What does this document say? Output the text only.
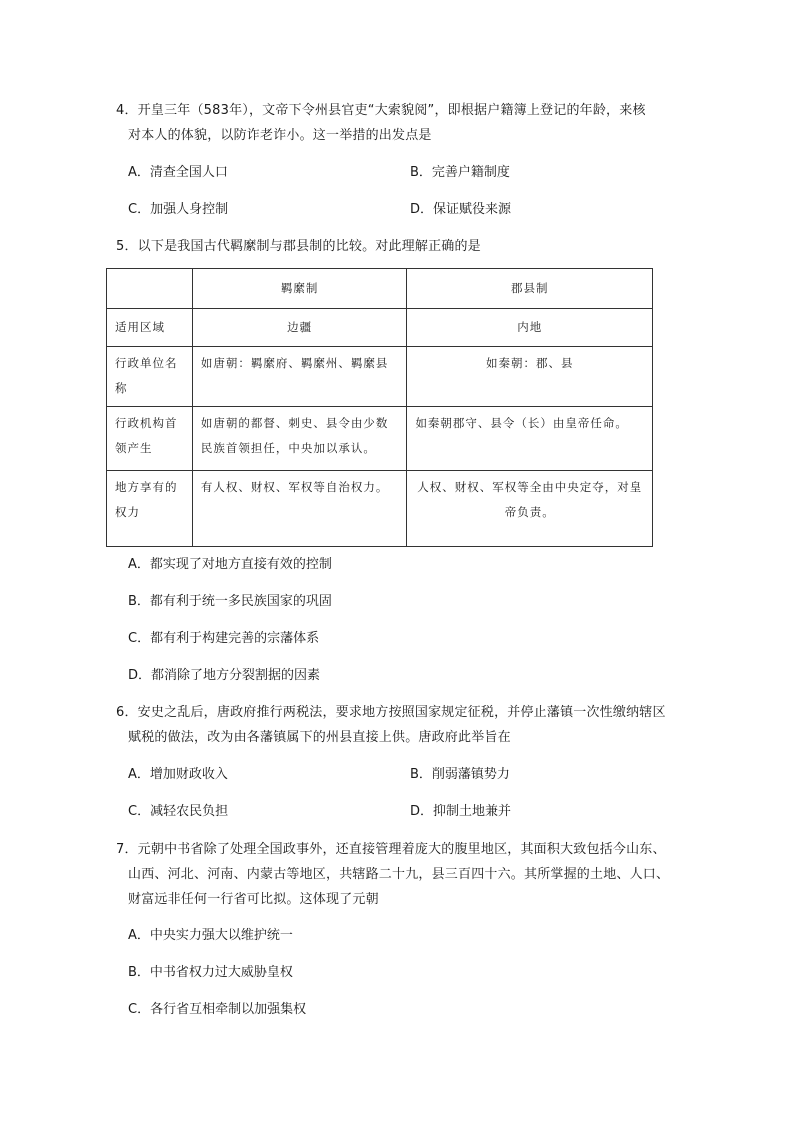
4．开皇三年（583年），文帝下令州县官吏“大索貌阅”，即根据户籍簿上登记的年龄，来核
对本人的体貌，以防诈老诈小。这一举措的出发点是
A．清查全国人口	B．完善户籍制度
C．加强人身控制	D．保证赋役来源
5．以下是我国古代羁縻制与郡县制的比较。对此理解正确的是
	羁縻制	郡县制
适用区域	边疆	内地
行政单位名称	如唐朝：羁縻府、羁縻州、羁縻县	如秦朝：郡、县
行政机构首领产生	如唐朝的都督、刺史、县令由少数民族首领担任，中央加以承认。	如秦朝郡守、县令（长）由皇帝任命。
地方享有的权力	有人权、财权、军权等自治权力。	人权、财权、军权等全由中央定夺，对皇帝负责。
A．都实现了对地方直接有效的控制
B．都有利于统一多民族国家的巩固
C．都有利于构建完善的宗藩体系
D．都消除了地方分裂割据的因素
6．安史之乱后，唐政府推行两税法，要求地方按照国家规定征税，并停止藩镇一次性缴纳辖区
赋税的做法，改为由各藩镇属下的州县直接上供。唐政府此举旨在
A．增加财政收入	B．削弱藩镇势力
C．减轻农民负担	D．抑制土地兼并
7．元朝中书省除了处理全国政事外，还直接管理着庞大的腹里地区，其面积大致包括今山东、
山西、河北、河南、内蒙古等地区，共辖路二十九，县三百四十六。其所掌握的土地、人口、
财富远非任何一行省可比拟。这体现了元朝
A．中央实力强大以维护统一
B．中书省权力过大威胁皇权
C．各行省互相牵制以加强集权
